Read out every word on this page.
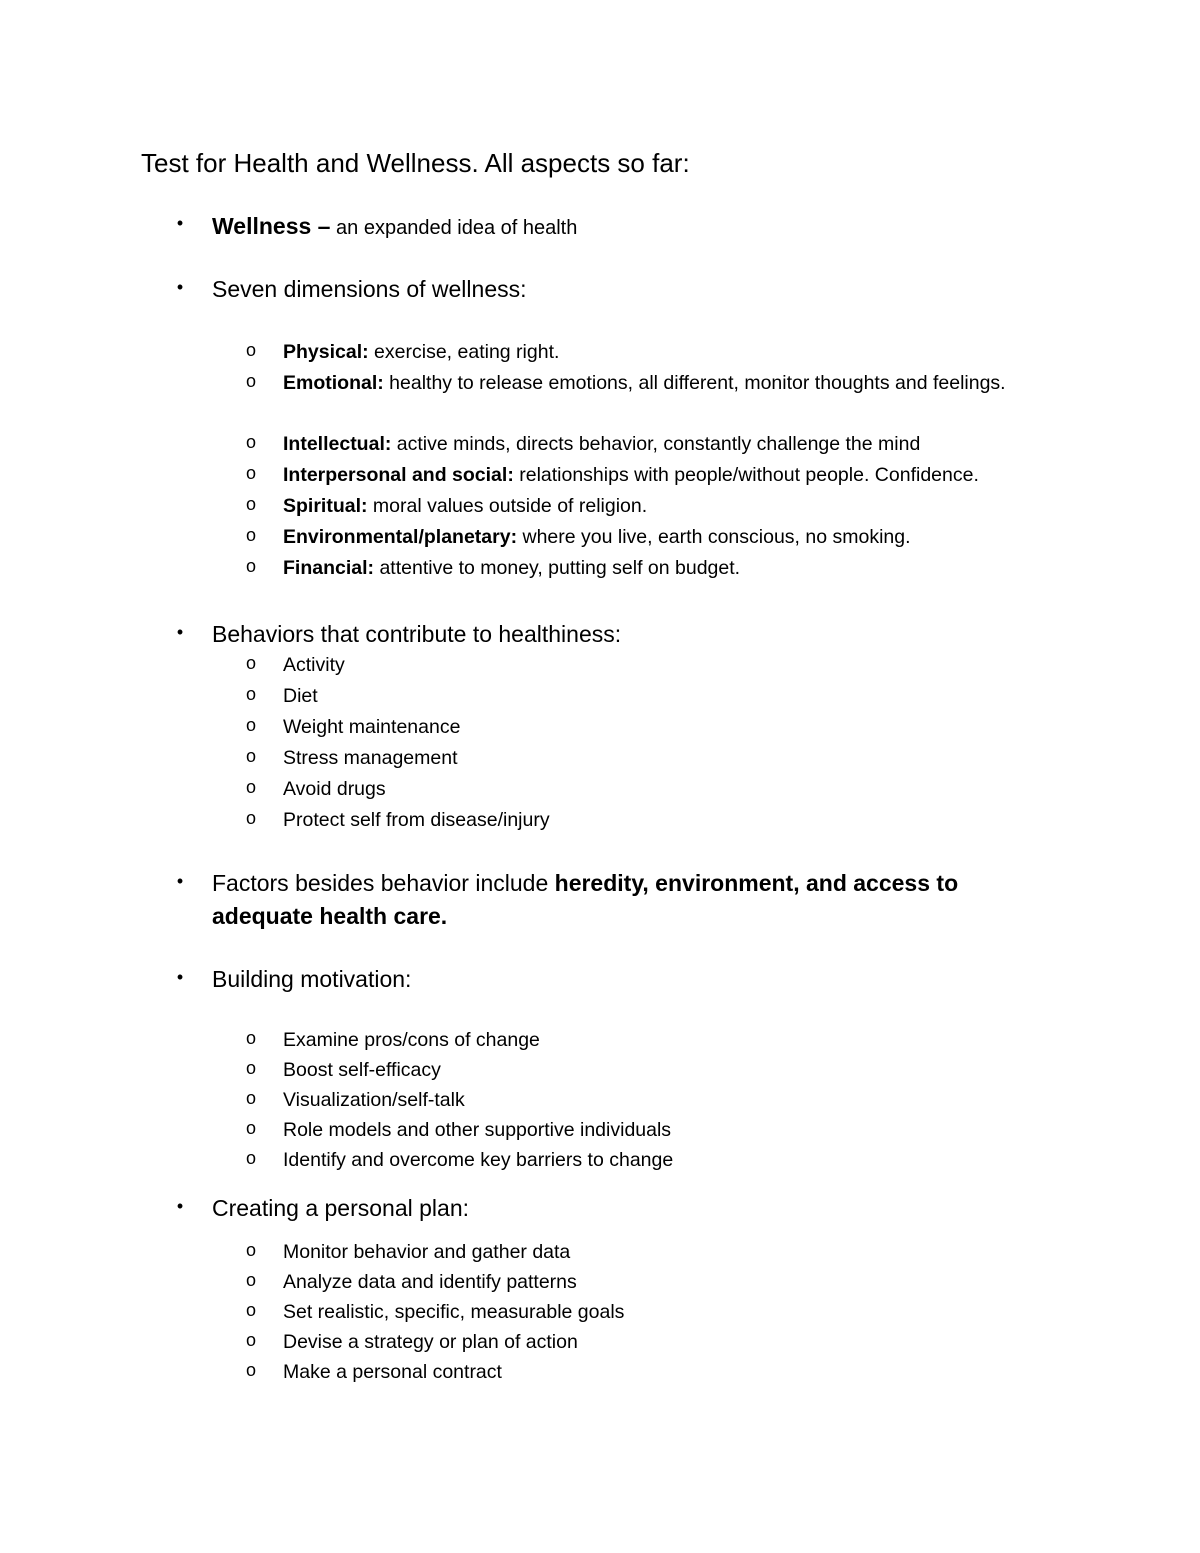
Test for Health and Wellness. All aspects so far:
• Wellness – an expanded idea of health
• Seven dimensions of wellness:
o Physical: exercise, eating right.
o Emotional: healthy to release emotions, all different, monitor thoughts and feelings.
o Intellectual: active minds, directs behavior, constantly challenge the mind
o Interpersonal and social: relationships with people/without people. Confidence.
o Spiritual: moral values outside of religion.
o Environmental/planetary: where you live, earth conscious, no smoking.
o Financial: attentive to money, putting self on budget.
• Behaviors that contribute to healthiness:
o Activity
o Diet
o Weight maintenance
o Stress management
o Avoid drugs
o Protect self from disease/injury
• Factors besides behavior include heredity, environment, and access to adequate health care.
• Building motivation:
o Examine pros/cons of change
o Boost self-efficacy
o Visualization/self-talk
o Role models and other supportive individuals
o Identify and overcome key barriers to change
• Creating a personal plan:
o Monitor behavior and gather data
o Analyze data and identify patterns
o Set realistic, specific, measurable goals
o Devise a strategy or plan of action
o Make a personal contract
